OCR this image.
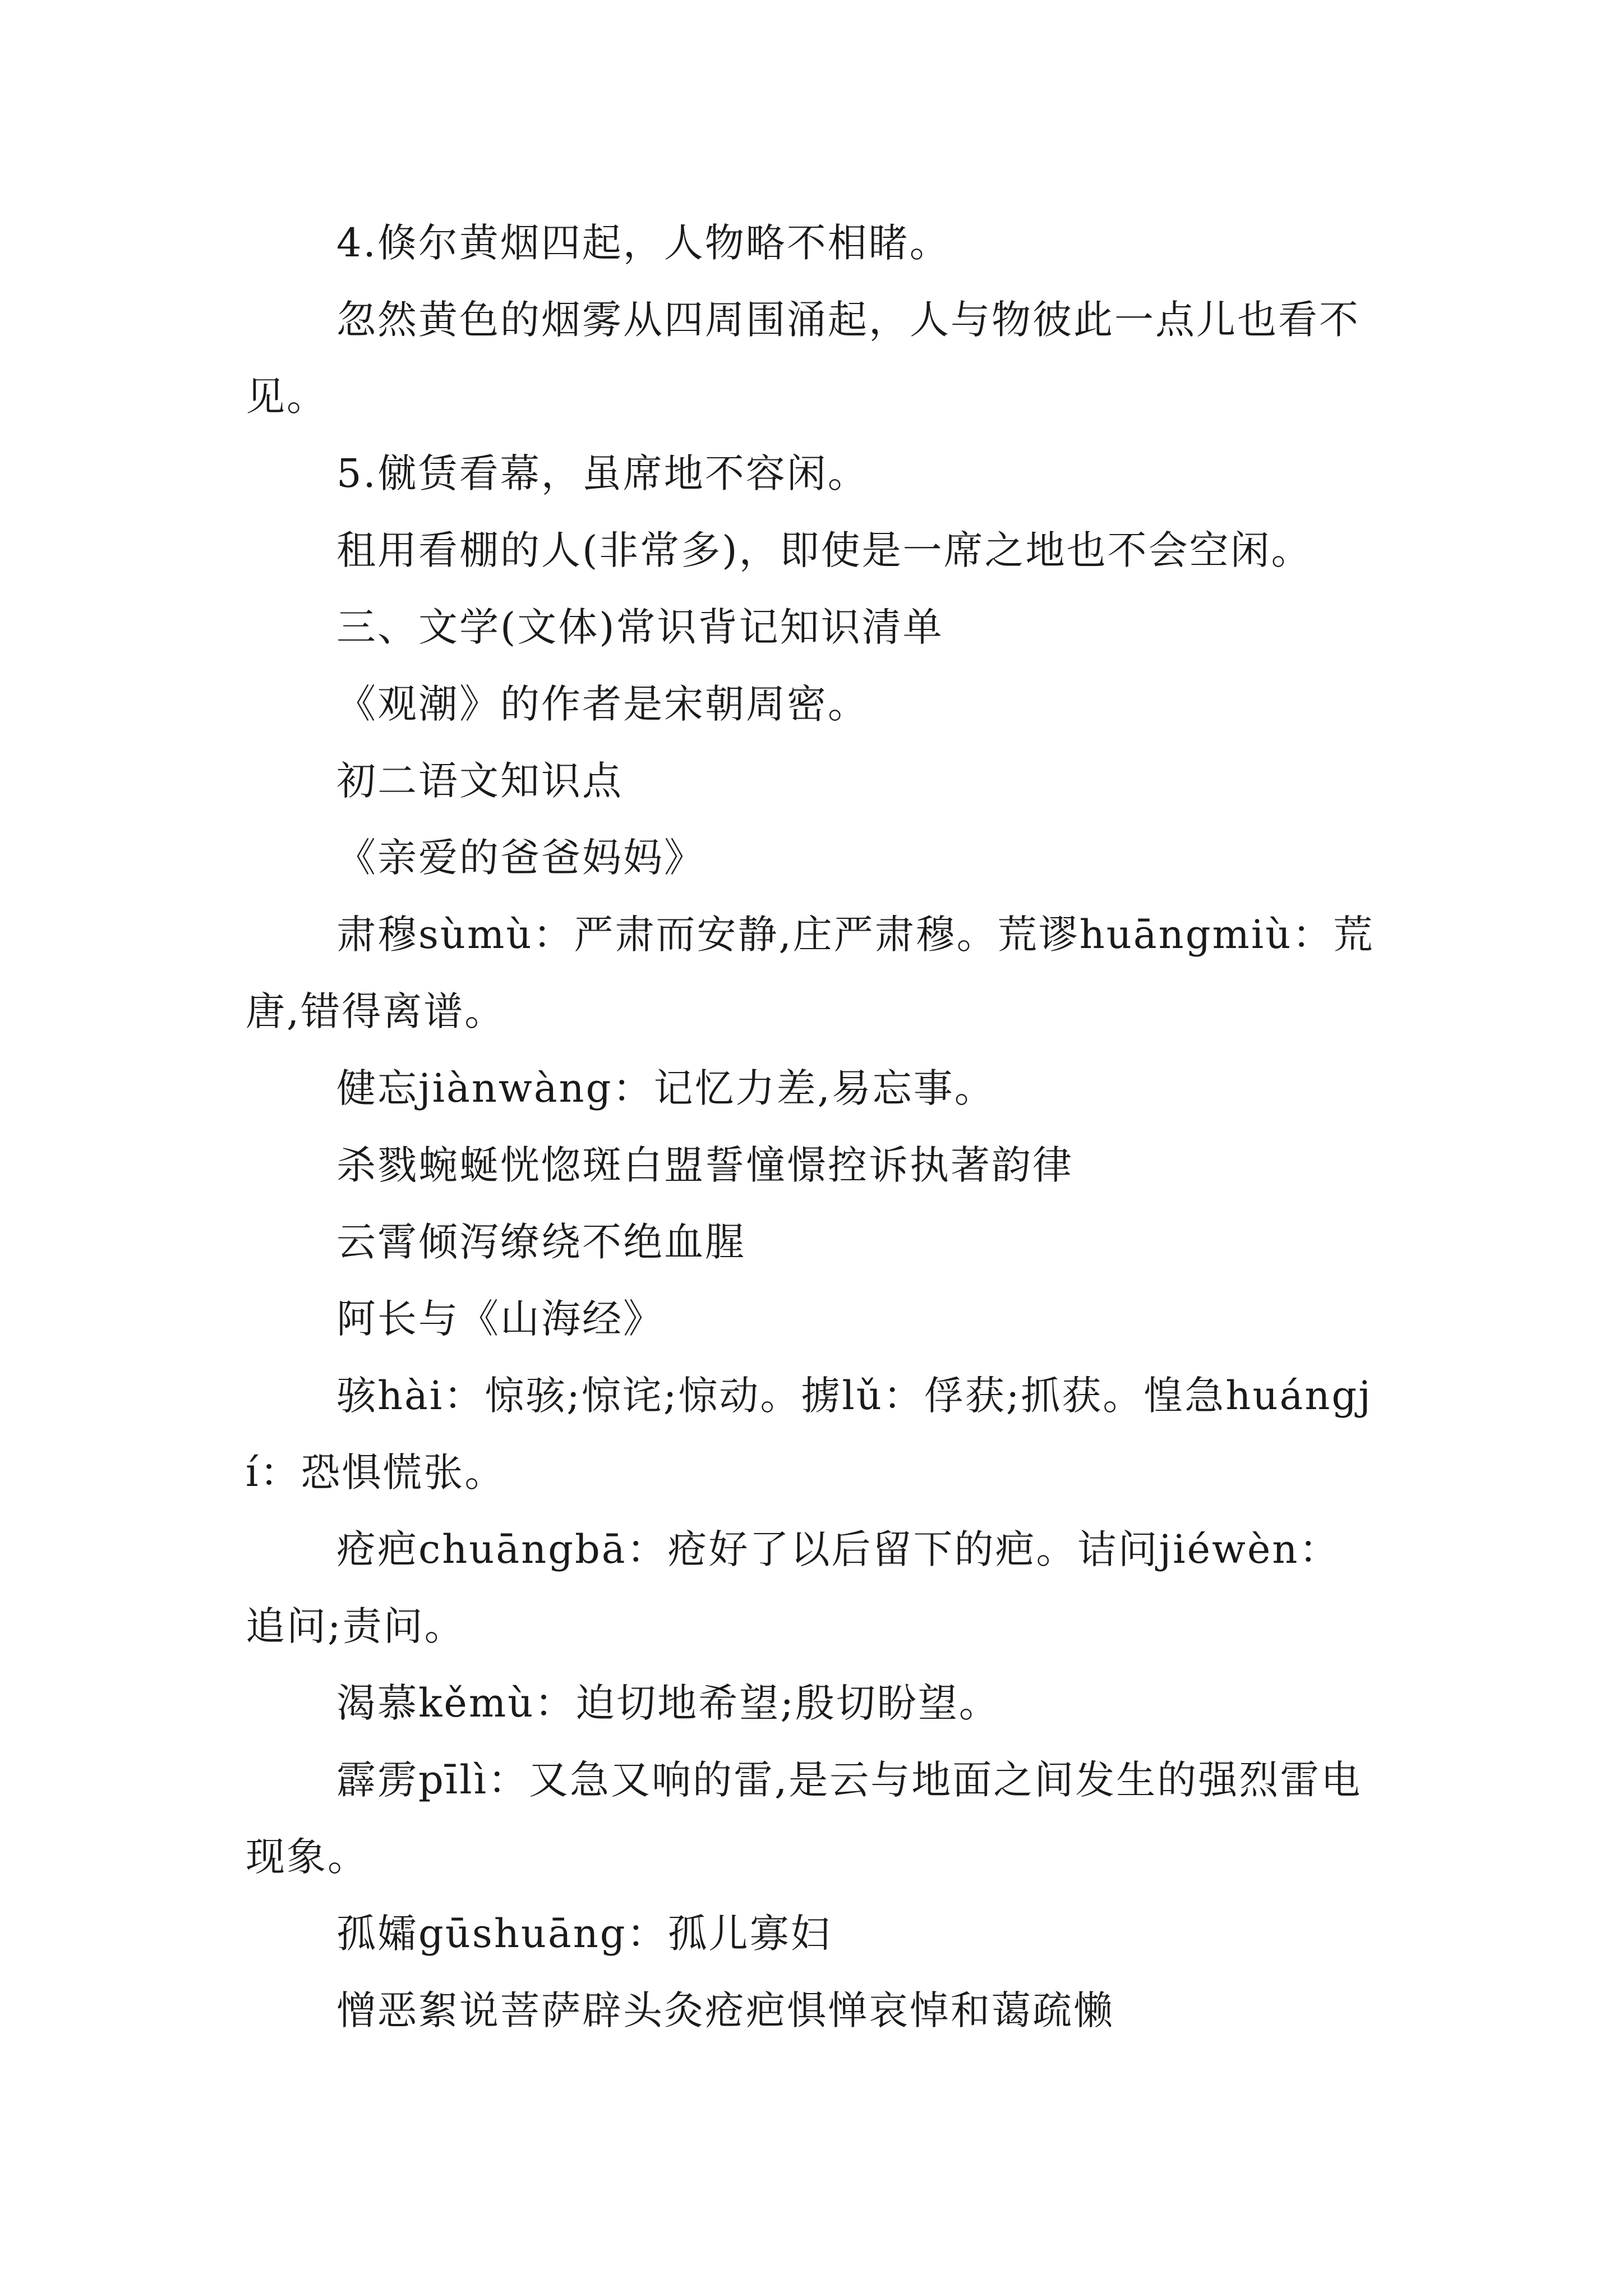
4.倏尔黄烟四起，人物略不相睹。

忽然黄色的烟雾从四周围涌起，人与物彼此一点儿也看不见。

5.僦赁看幕，虽席地不容闲。

租用看棚的人(非常多)，即使是一席之地也不会空闲。

三、文学(文体)常识背记知识清单

《观潮》的作者是宋朝周密。

初二语文知识点

《亲爱的爸爸妈妈》

肃穆sùmù：严肃而安静,庄严肃穆。荒谬huāngmiù：荒唐,错得离谱。

健忘jiànwàng：记忆力差,易忘事。

杀戮蜿蜒恍惚斑白盟誓憧憬控诉执著韵律

云霄倾泻缭绕不绝血腥

阿长与《山海经》

骇hài：惊骇;惊诧;惊动。掳lǔ：俘获;抓获。惶急huángjí：恐惧慌张。

疮疤chuāngbā：疮好了以后留下的疤。诘问jiéwèn：追问;责问。

渴慕kěmù：迫切地希望;殷切盼望。

霹雳pīlì：又急又响的雷,是云与地面之间发生的强烈雷电现象。

孤孀gūshuāng：孤儿寡妇

憎恶絮说菩萨辟头灸疮疤惧惮哀悼和蔼疏懒
